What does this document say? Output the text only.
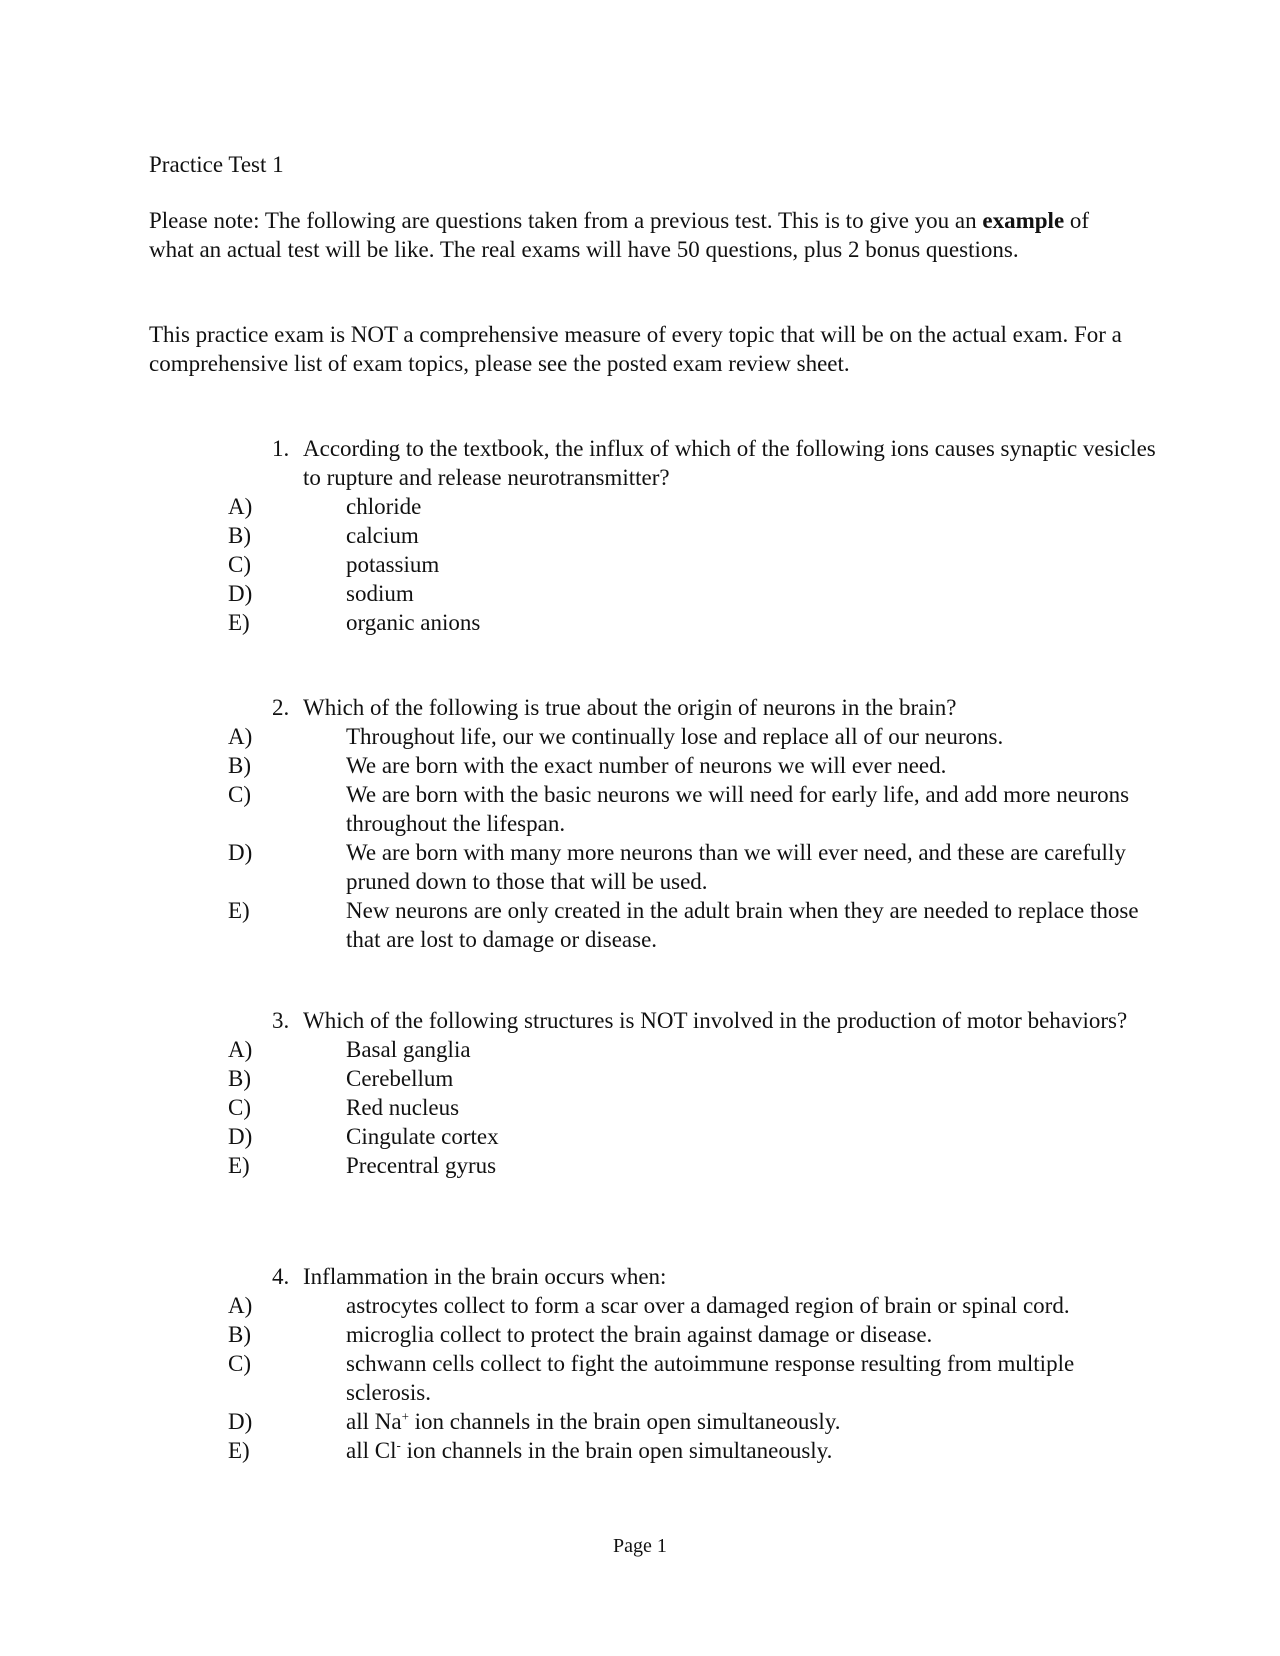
Practice Test 1

Please note: The following are questions taken from a previous test. This is to give you an example of what an actual test will be like. The real exams will have 50 questions, plus 2 bonus questions.

This practice exam is NOT a comprehensive measure of every topic that will be on the actual exam. For a comprehensive list of exam topics, please see the posted exam review sheet.

1. According to the textbook, the influx of which of the following ions causes synaptic vesicles to rupture and release neurotransmitter?
A)	chloride
B)	calcium
C)	potassium
D)	sodium
E)	organic anions
2. Which of the following is true about the origin of neurons in the brain?
A)	Throughout life, our we continually lose and replace all of our neurons.
B)	We are born with the exact number of neurons we will ever need.
C)	We are born with the basic neurons we will need for early life, and add more neurons throughout the lifespan.
D)	We are born with many more neurons than we will ever need, and these are carefully pruned down to those that will be used.
E)	New neurons are only created in the adult brain when they are needed to replace those that are lost to damage or disease.
3. Which of the following structures is NOT involved in the production of motor behaviors?
A)	Basal ganglia
B)	Cerebellum
C)	Red nucleus
D)	Cingulate cortex
E)	Precentral gyrus
4. Inflammation in the brain occurs when:
A)	astrocytes collect to form a scar over a damaged region of brain or spinal cord.
B)	microglia collect to protect the brain against damage or disease.
C)	schwann cells collect to fight the autoimmune response resulting from multiple sclerosis.
D)	all Na+ ion channels in the brain open simultaneously.
E)	all Cl- ion channels in the brain open simultaneously.
Page 1
